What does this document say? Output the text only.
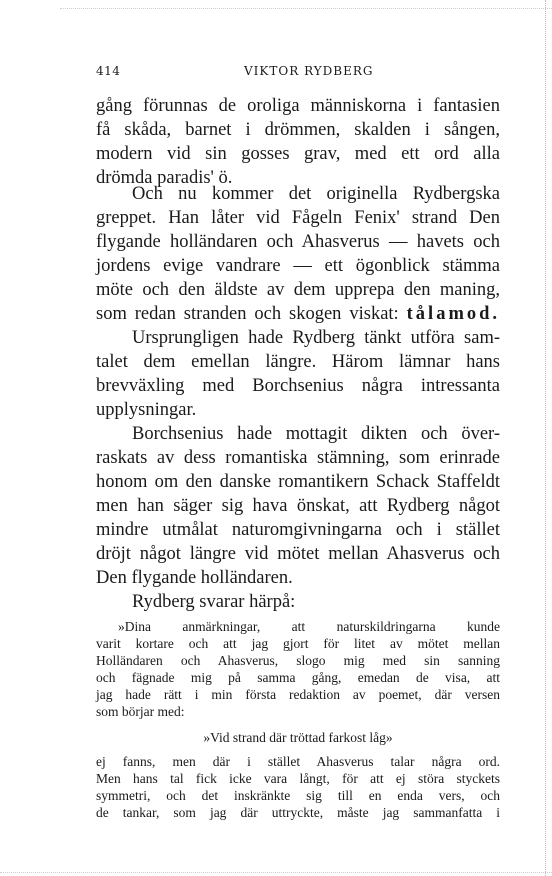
414	VIKTOR RYDBERG
gång förunnas de oroliga människorna i fantasien
få skåda, barnet i drömmen, skalden i sången,
modern vid sin gosses grav, med ett ord alla
drömda paradis' ö.
Och nu kommer det originella Rydbergska
greppet. Han låter vid Fågeln Fenix' strand Den
flygande holländaren och Ahasverus — havets och
jordens evige vandrare — ett ögonblick stämma
möte och den äldste av dem upprepa den maning,
som redan stranden och skogen viskat: tålamod.
Ursprungligen hade Rydberg tänkt utföra sam-
talet dem emellan längre. Härom lämnar hans
brevväxling med Borchsenius några intressanta
upplysningar.
Borchsenius hade mottagit dikten och över-
raskats av dess romantiska stämning, som erinrade
honom om den danske romantikern Schack Staffeldt
men han säger sig hava önskat, att Rydberg något
mindre utmålat naturomgivningarna och i stället
dröjt något längre vid mötet mellan Ahasverus och
Den flygande holländaren.
Rydberg svarar härpå:
»Dina anmärkningar, att naturskildringarna kunde
varit kortare och att jag gjort för litet av mötet mellan
Holländaren och Ahasverus, slogo mig med sin sanning
och fägnade mig på samma gång, emedan de visa, att
jag hade rätt i min första redaktion av poemet, där versen
som börjar med:
»Vid strand där tröttad farkost låg»
ej fanns, men där i stället Ahasverus talar några ord.
Men hans tal fick icke vara långt, för att ej störa styckets
symmetri, och det inskränkte sig till en enda vers, och
de tankar, som jag där uttryckte, måste jag sammanfatta i
